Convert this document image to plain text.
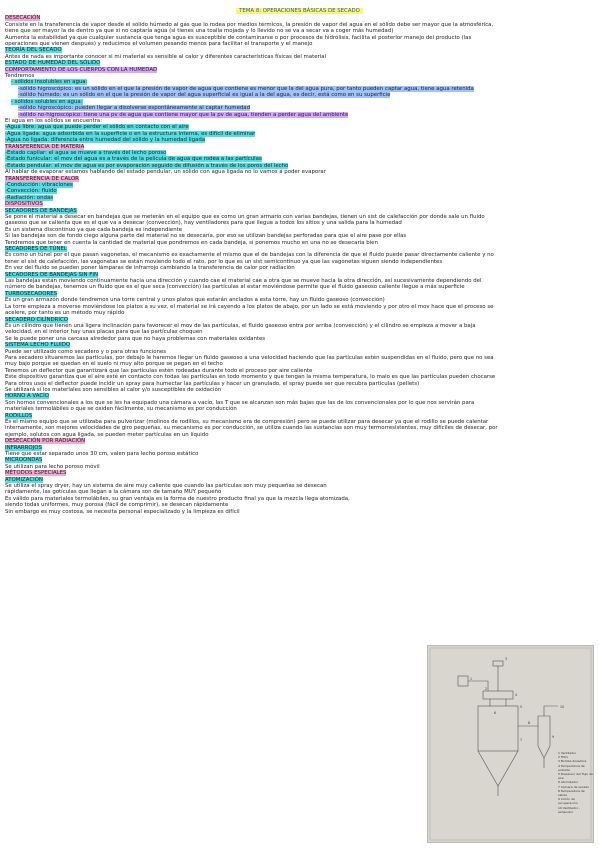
TEMA 8: OPERACIONES BÁSICAS DE SECADO
DESECACIÓN
Consiste en la transferencia de vapor desde el sólido húmedo al gas que lo rodea por medios térmicos, la presión de vapor del agua en el sólido debe ser mayor que la atmosférica,
tiene que ser mayor la de dentro ya que si no captaría agua (si tienes una toalla mojada y lo llevido no se va a secar va a coger más humedad)
Aumenta la estabilidad ya que cualquier sustancia que tenga agua es susceptible de contaminarse o por procesos de hidrólisis, facilita el posterior manejo del producto (las
operaciones que vienen después) y reducimos el volumen pesando menos para facilitar el transporte y el manejo
TEORÍA DEL SECADO
Antes de nada es importante conocer si mi material es sensible al calor y diferentes características físicas del material
ESTADO DE HUMEDAD DEL SÓLIDO
COMPORTAMIENTO DE LOS CUERPOS CON LA HUMEDAD
Tendremos
- sólidos insolubles en agua:
-sólido higroscópico: es un sólido en el que la presión de vapor de agua que contiene es menor que la del agua pura, por tanto pueden captar agua, tiene agua retenida
-sólido húmedo: es un sólido en el que la presión de vapor del agua superficial es igual a la del agua, es decir, está como en su superficie
- sólidos solubles en agua:
-sólido higroscópico: pueden llegar a disolverse espontáneamente al captar humedad
-sólido no-higroscópico: tiene una pv de agua que contiene mayor que la pv de agua, tienden a perder agua del ambiente
El agua en los sólidos se encuentra:
-Agua libre: agua que puede perder el sólido en contacto con el aire
-Agua ligada: agua adsorbida en la superficie o en la estructura interna, es difícil de eliminar
-Agua no ligada: diferencia entre humedad del sólido y la humedad ligada
TRANSFERENCIA DE MATERIA
-Estado capilar: el agua se mueve a través del lecho poroso
-Estado funicular: el mov del agua es a través de la película de agua que rodea a las partículas
-Estado pendular: el mov de agua es por evaporación seguido de difusión a través de los poros del lecho
Al hablar de evaporar estamos hablando del estado pendular, un sólido con agua ligada no lo vamos a poder evaporar
TRANSFERENCIA DE CALOR
-Conducción: vibraciones
-Convección: fluido
-Radiación: ondas
DISPOSITIVOS
SECADORES DE BANDEJAS
Se pone el material a desecar en bandejas que se meterán en el equipo que es como un gran armario con varias bandejas, tienen un sist de calefacción por donde sale un fluido
gaseoso que se calienta que es el que va a desecar (convección), hay ventiladores para que llegue a todos los sitios y una salida para la humedad
Es un sistema discontinuo ya que cada bandeja es independiente
Si las bandejas son de fondo ciego alguna parte del material no se desecaría, por eso se utilizan bandejas perforadas para que el aire pase por ellas
Tendremos que tener en cuenta la cantidad de material que pondremos en cada bandeja, si ponemos mucho en una no se desecaría bien
SECADORES DE TÚNEL
Es como un túnel por el que pasan vagonetas, el mecanismo es exactamente el mismo que el de bandejas con la diferencia de que el fluido puede pasar directamente caliente y no
tener el sist de calefacción, las vagonetas se están moviendo todo el rato, por lo que es un sist semicontinuo ya que las vagonetas siguen siendo independientes
En vez del fluido se pueden poner lámparas de infrarrojo cambiando la transferencia de calor por radiación
SECADORES DE BANDEJAS SIN FIN
Las bandejas están moviendo continuamente hacia una dirección y cuando cae el material cae a otra que se mueve hacia la otra dirección, así sucesivamente dependiendo del
número de bandejas, tenemos un fluido que es el que seca (convección) las partículas al estar moviéndose permite que el fluido gaseoso caliente llegue a más superficie
TURBOSECADORES
Es un gran armazón donde tendremos una torre central y unos platos que estarán anclados a esta torre, hay un fluido gaseoso (convección)
La torre empieza a moverse moviéndose los platos a su vez, el material se irá cayendo a los platos de abajo, por un lado se está moviendo y por otro el mov hace que el proceso se
acelere, por tanto es un método muy rápido
SECADERO CILÍNDRICO
Es un cilindro que tienen una ligera inclinación para favorecer el mov de las partículas, el fluido gaseoso entra por arriba (convección) y el cilindro se empieza a mover a baja
velocidad, en el interior hay unas placas para que las partículas choquen
Se le puede poner una carcasa alrededor para que no haya problemas con materiales oxidantes
SISTEMA LECHO FLUIDO
Puede ser utilizado como secadero y o para otras funciones
Para secadero situaremos las partículas, por debajo le haremos llegar un fluido gaseoso a una velocidad haciendo que las partículas estén suspendidas en el fluido, pero que no sea
muy bajo porque se quedan en el suelo ni muy alto porque se pegan en el techo
Tenemos un deflector que garantizará que las partículas estén rodeadas durante todo el proceso por aire caliente
Este dispositivo garantiza que el aire esté en contacto con todas las partículas en todo momento y que tengan la misma temperatura, lo malo es que las partículas pueden chocarse
Para otros usos el deflector puede incidir un spray para humectar las partículas y hacer un granulado, el spray puede ser que recubra partículas (pellets)
Se utilizará si los materiales son sensibles al calor y/o susceptibles de oxidación
HORNO A VACÍO
Son hornos convencionales a los que se les ha equipado una cámara a vacío, las T que se alcanzan son más bajas que las de los convencionales por lo que nos servirán para
materiales termolábiles o que se oxiden fácilmente, su mecanismo es por conducción
RODILLOS
Es el mismo equipo que se utilizaba para pulverizar (molinos de rodillos, su mecanismo era de compresión) pero se puede utilizar para desecar ya que el rodillo se puede calentar
internamente, son mejores velocidades de giro pequeñas, su mecanismo es por conducción, se utiliza cuando las sustancias son muy termorresistentes, muy difíciles de desecar, por
ejemplo, solutos con agua ligada, se pueden meter partículas en un líquido
DESECACIÓN POR RADIACIÓN
INFRARROJOS
Tiene que estar separado unos 30 cm, valen para lecho poroso estático
MICROONDAS
Se utilizan para lecho poroso móvil
MÉTODOS ESPECIALES
ATOMIZACIÓN
Se utiliza el spray dryer, hay un sistema de aire muy caliente que cuando las partículas son muy pequeñas se desecan
rápidamente, las gotículas que llegan a la cámara son de tamaño MUY pequeño
Es válido para materiales termolábiles, su gran ventaja es la forma de nuestro producto final ya que la mezcla llega atomizada,
siendo todas uniformes, muy porosa (fácil de comprimir), se desecan rápidamente
Sin embargo es muy costosa, se necesita personal especializado y la limpieza es difícil
1
2
3
4
5
6
7
8
9
10
1 Ventilador
2 Filtro
3 Bomba dosadora
4 Temperatura de entrada
5 Dispersor del flujo de aire
6 Atomizador
7 Cámara de secado
8 Temperatura de salida
9 Ciclón de recuperación
10 Ventilador - exhaustor
